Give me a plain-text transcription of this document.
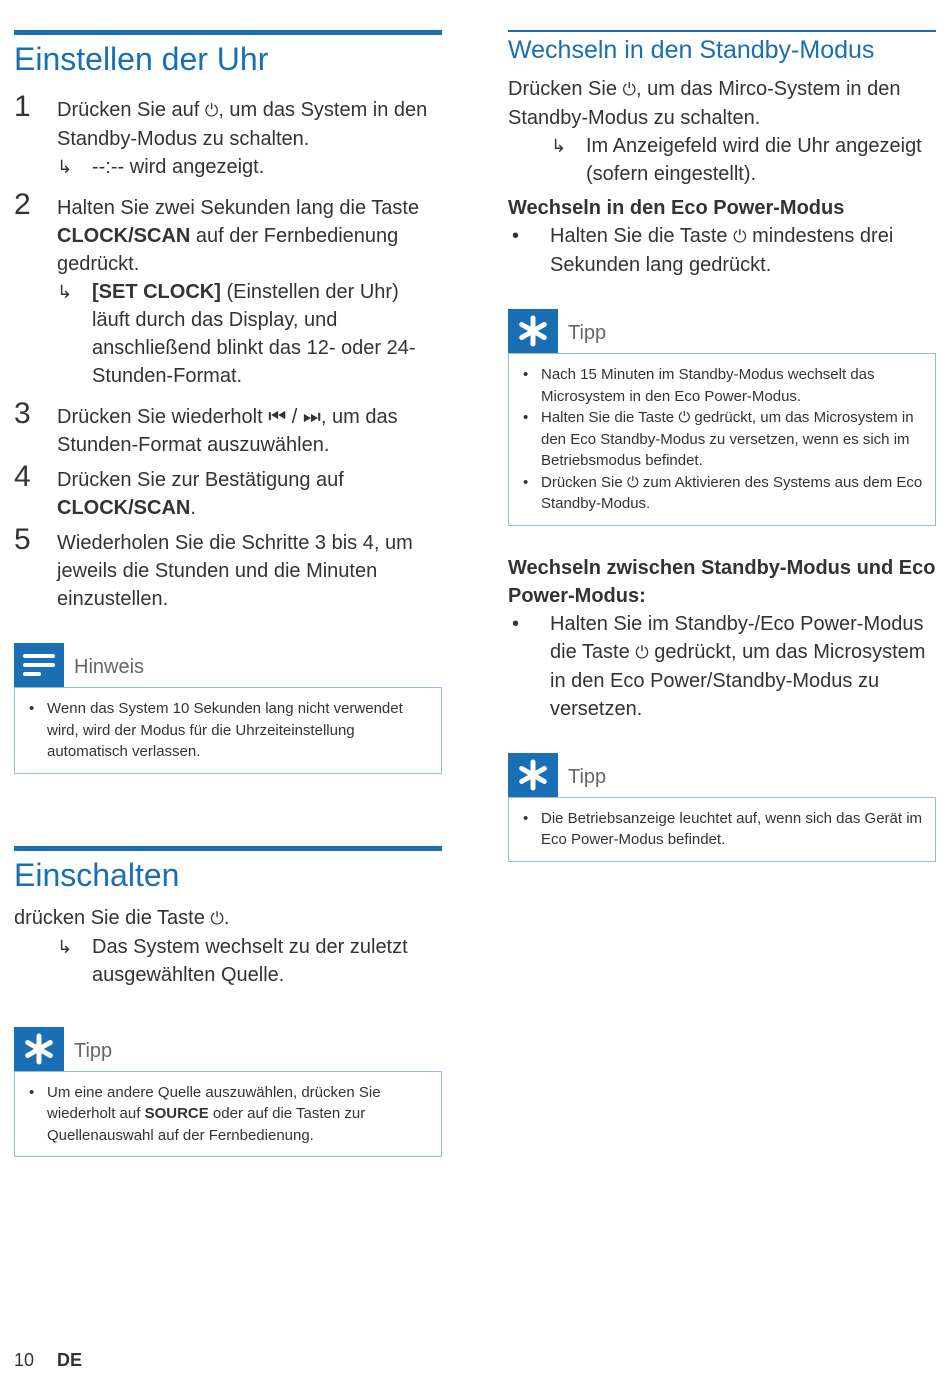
Einstellen der Uhr
1 Drücken Sie auf ⏻, um das System in den Standby-Modus zu schalten.
↳ --:-- wird angezeigt.
2 Halten Sie zwei Sekunden lang die Taste CLOCK/SCAN auf der Fernbedienung gedrückt.
↳ [SET CLOCK] (Einstellen der Uhr) läuft durch das Display, und anschließend blinkt das 12- oder 24-Stunden-Format.
3 Drücken Sie wiederholt ⏮ / ⏭, um das Stunden-Format auszuwählen.
4 Drücken Sie zur Bestätigung auf CLOCK/SCAN.
5 Wiederholen Sie die Schritte 3 bis 4, um jeweils die Stunden und die Minuten einzustellen.
Hinweis
• Wenn das System 10 Sekunden lang nicht verwendet wird, wird der Modus für die Uhrzeiteinstellung automatisch verlassen.
Einschalten
drücken Sie die Taste ⏻.
↳ Das System wechselt zu der zuletzt ausgewählten Quelle.
Tipp
• Um eine andere Quelle auszuwählen, drücken Sie wiederholt auf SOURCE oder auf die Tasten zur Quellenauswahl auf der Fernbedienung.
Wechseln in den Standby-Modus
Drücken Sie ⏻, um das Mirco-System in den Standby-Modus zu schalten.
↳ Im Anzeigefeld wird die Uhr angezeigt (sofern eingestellt).
Wechseln in den Eco Power-Modus
• Halten Sie die Taste ⏻ mindestens drei Sekunden lang gedrückt.
Tipp
• Nach 15 Minuten im Standby-Modus wechselt das Microsystem in den Eco Power-Modus.
• Halten Sie die Taste ⏻ gedrückt, um das Microsystem in den Eco Standby-Modus zu versetzen, wenn es sich im Betriebsmodus befindet.
• Drücken Sie ⏻ zum Aktivieren des Systems aus dem Eco Standby-Modus.
Wechseln zwischen Standby-Modus und Eco Power-Modus:
• Halten Sie im Standby-/Eco Power-Modus die Taste ⏻ gedrückt, um das Microsystem in den Eco Power/Standby-Modus zu versetzen.
Tipp
• Die Betriebsanzeige leuchtet auf, wenn sich das Gerät im Eco Power-Modus befindet.
10 DE
